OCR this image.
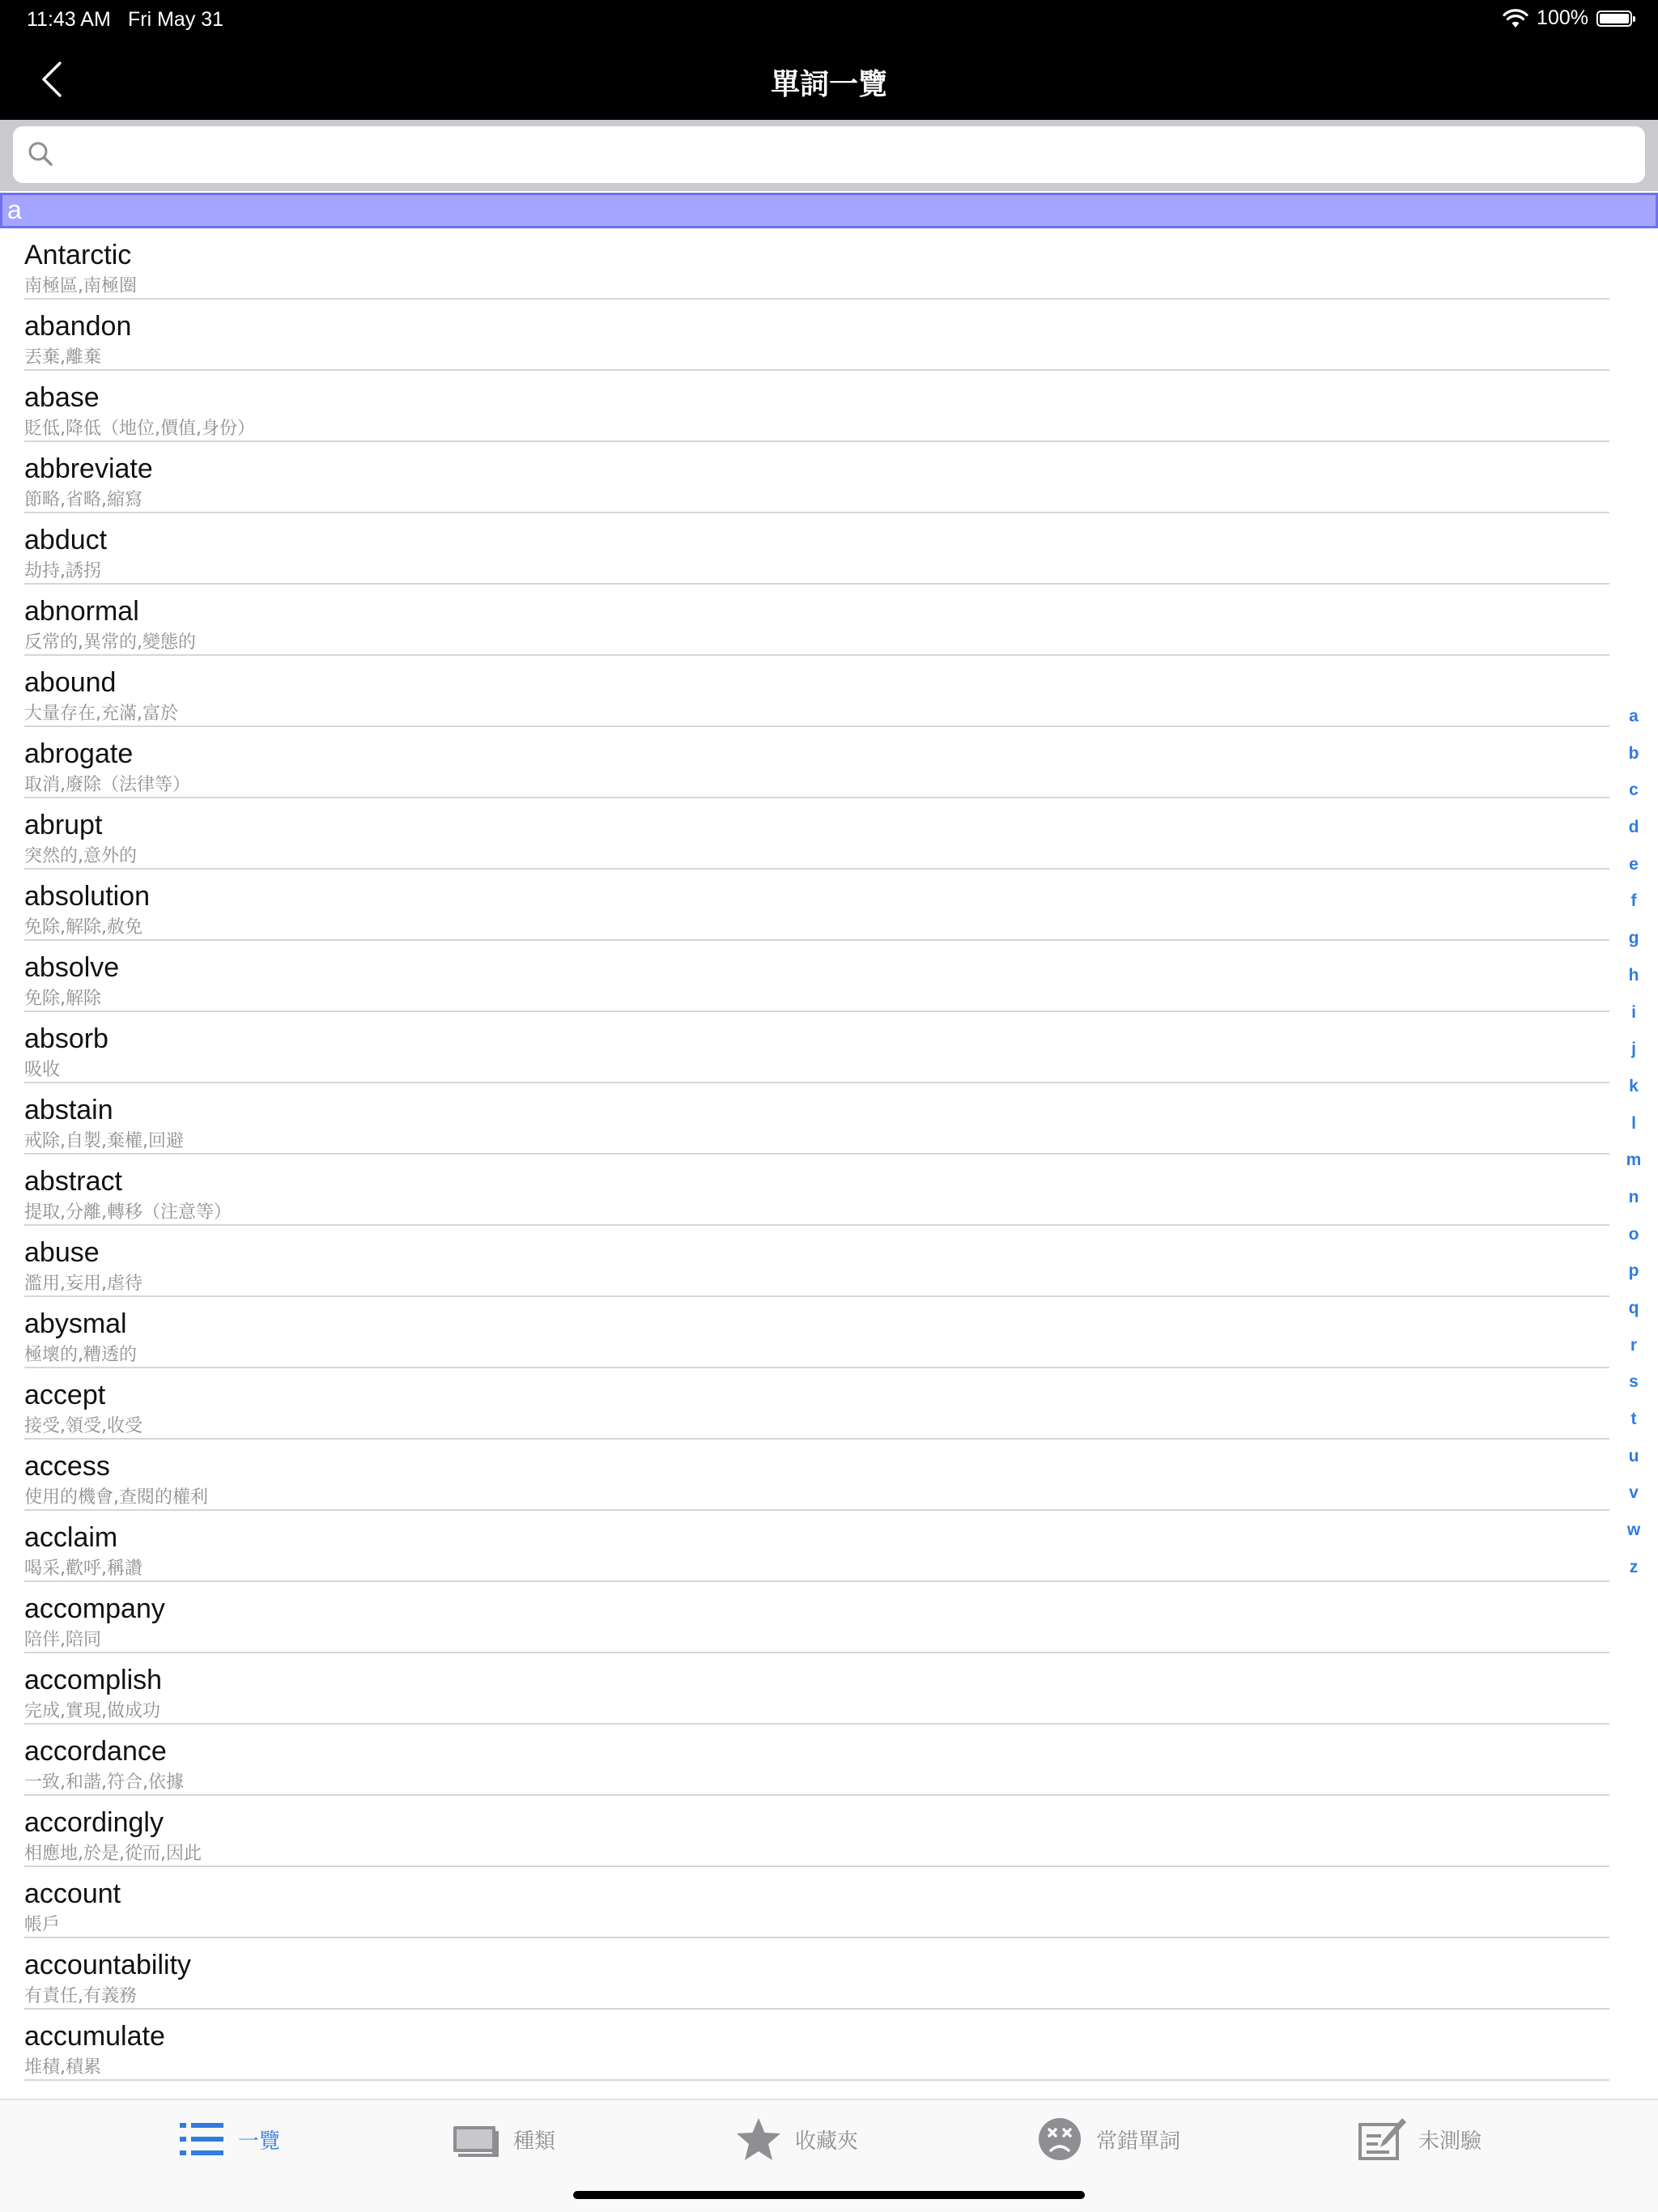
11:43 AM Fri May 31	100%
單詞一覽
a
Antarctic
南極區,南極圈
abandon
丟棄,離棄
abase
貶低,降低（地位,價值,身份）
abbreviate
節略,省略,縮寫
abduct
劫持,誘拐
abnormal
反常的,異常的,變態的
abound
大量存在,充滿,富於
abrogate
取消,廢除（法律等）
abrupt
突然的,意外的
absolution
免除,解除,赦免
absolve
免除,解除
absorb
吸收
abstain
戒除,自製,棄權,回避
abstract
提取,分離,轉移（注意等）
abuse
濫用,妄用,虐待
abysmal
極壞的,糟透的
accept
接受,領受,收受
access
使用的機會,查閱的權利
acclaim
喝采,歡呼,稱讚
accompany
陪伴,陪同
accomplish
完成,實現,做成功
accordance
一致,和諧,符合,依據
accordingly
相應地,於是,從而,因此
account
帳戶
accountability
有責任,有義務
accumulate
堆積,積累
a
b
c
d
e
f
g
h
i
j
k
l
m
n
o
p
q
r
s
t
u
v
w
z
一覽	種類	收藏夾	常錯單詞	未測驗
